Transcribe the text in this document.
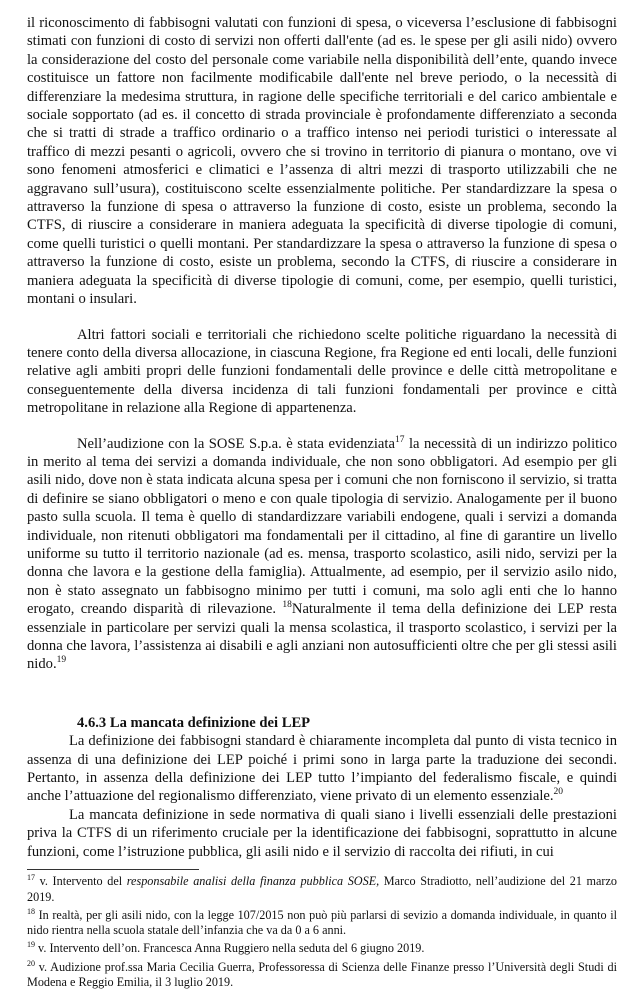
il riconoscimento di fabbisogni valutati con funzioni di spesa, o viceversa l’esclusione di fabbisogni stimati con funzioni di costo di servizi non offerti dall'ente (ad es. le spese per gli asili nido) ovvero la considerazione del costo del personale come variabile nella disponibilità dell’ente, quando invece costituisce un fattore non facilmente modificabile dall'ente nel breve periodo, o la necessità di differenziare la medesima struttura, in ragione delle specifiche territoriali e del carico ambientale e sociale sopportato (ad es. il concetto di strada provinciale è profondamente differenziato a seconda che si tratti di strade a traffico ordinario o a traffico intenso nei periodi turistici o interessate al traffico di mezzi pesanti o agricoli, ovvero che si trovino in territorio di pianura o montano, ove vi sono fenomeni atmosferici e climatici e l’assenza di altri mezzi di trasporto utilizzabili che ne aggravano sull’usura), costituiscono scelte essenzialmente politiche. Per standardizzare la spesa o attraverso la funzione di spesa o attraverso la funzione di costo, esiste un problema, secondo la CTFS, di riuscire a considerare in maniera adeguata la specificità di diverse tipologie di comuni, come quelli turistici o quelli montani. Per standardizzare la spesa o attraverso la funzione di spesa o attraverso la funzione di costo, esiste un problema, secondo la CTFS, di riuscire a considerare in maniera adeguata la specificità di diverse tipologie di comuni, come, per esempio, quelli turistici, montani o insulari.

Altri fattori sociali e territoriali che richiedono scelte politiche riguardano la necessità di tenere conto della diversa allocazione, in ciascuna Regione, fra Regione ed enti locali, delle funzioni relative agli ambiti propri delle funzioni fondamentali delle province e delle città metropolitane e conseguentemente della diversa incidenza di tali funzioni fondamentali per province e città metropolitane in relazione alla Regione di appartenenza.

Nell’audizione con la SOSE S.p.a. è stata evidenziata$^{17}$ la necessità di un indirizzo politico in merito al tema dei servizi a domanda individuale, che non sono obbligatori. Ad esempio per gli asili nido, dove non è stata indicata alcuna spesa per i comuni che non forniscono il servizio, si tratta di definire se siano obbligatori o meno e con quale tipologia di servizio. Analogamente per il buono pasto sulla scuola. Il tema è quello di standardizzare variabili endogene, quali i servizi a domanda individuale, non ritenuti obbligatori ma fondamentali per il cittadino, al fine di garantire un livello uniforme su tutto il territorio nazionale (ad es. mensa, trasporto scolastico, asili nido, servizi per la donna che lavora e la gestione della famiglia). Attualmente, ad esempio, per il servizio asilo nido, non è stato assegnato un fabbisogno minimo per tutti i comuni, ma solo agli enti che lo hanno erogato, creando disparità di rilevazione. $^{18}$Naturalmente il tema della definizione dei LEP resta essenziale in particolare per servizi quali la mensa scolastica, il trasporto scolastico, i servizi per la donna che lavora, l’assistenza ai disabili e agli anziani non autosufficienti oltre che per gli stessi asili nido.$^{19}$

4.6.3 La mancata definizione dei LEP

La definizione dei fabbisogni standard è chiaramente incompleta dal punto di vista tecnico in assenza di una definizione dei LEP poiché i primi sono in larga parte la traduzione dei secondi. Pertanto, in assenza della definizione dei LEP tutto l’impianto del federalismo fiscale, e quindi anche l’attuazione del regionalismo differenziato, viene privato di un elemento essenziale.$^{20}$

La mancata definizione in sede normativa di quali siano i livelli essenziali delle prestazioni priva la CTFS di un riferimento cruciale per la identificazione dei fabbisogni, soprattutto in alcune funzioni, come l’istruzione pubblica, gli asili nido e il servizio di raccolta dei rifiuti, in cui

$^{17}$ v. Intervento del responsabile analisi della finanza pubblica SOSE, Marco Stradiotto, nell’audizione del 21 marzo 2019.

$^{18}$ In realtà, per gli asili nido, con la legge 107/2015 non può più parlarsi di sevizio a domanda individuale, in quanto il nido rientra nella scuola statale dell’infanzia che va da 0 a 6 anni.

$^{19}$ v. Intervento dell’on. Francesca Anna Ruggiero nella seduta del 6 giugno 2019.

$^{20}$ v. Audizione prof.ssa Maria Cecilia Guerra, Professoressa di Scienza delle Finanze presso l’Università degli Studi di Modena e Reggio Emilia, il 3 luglio 2019.
